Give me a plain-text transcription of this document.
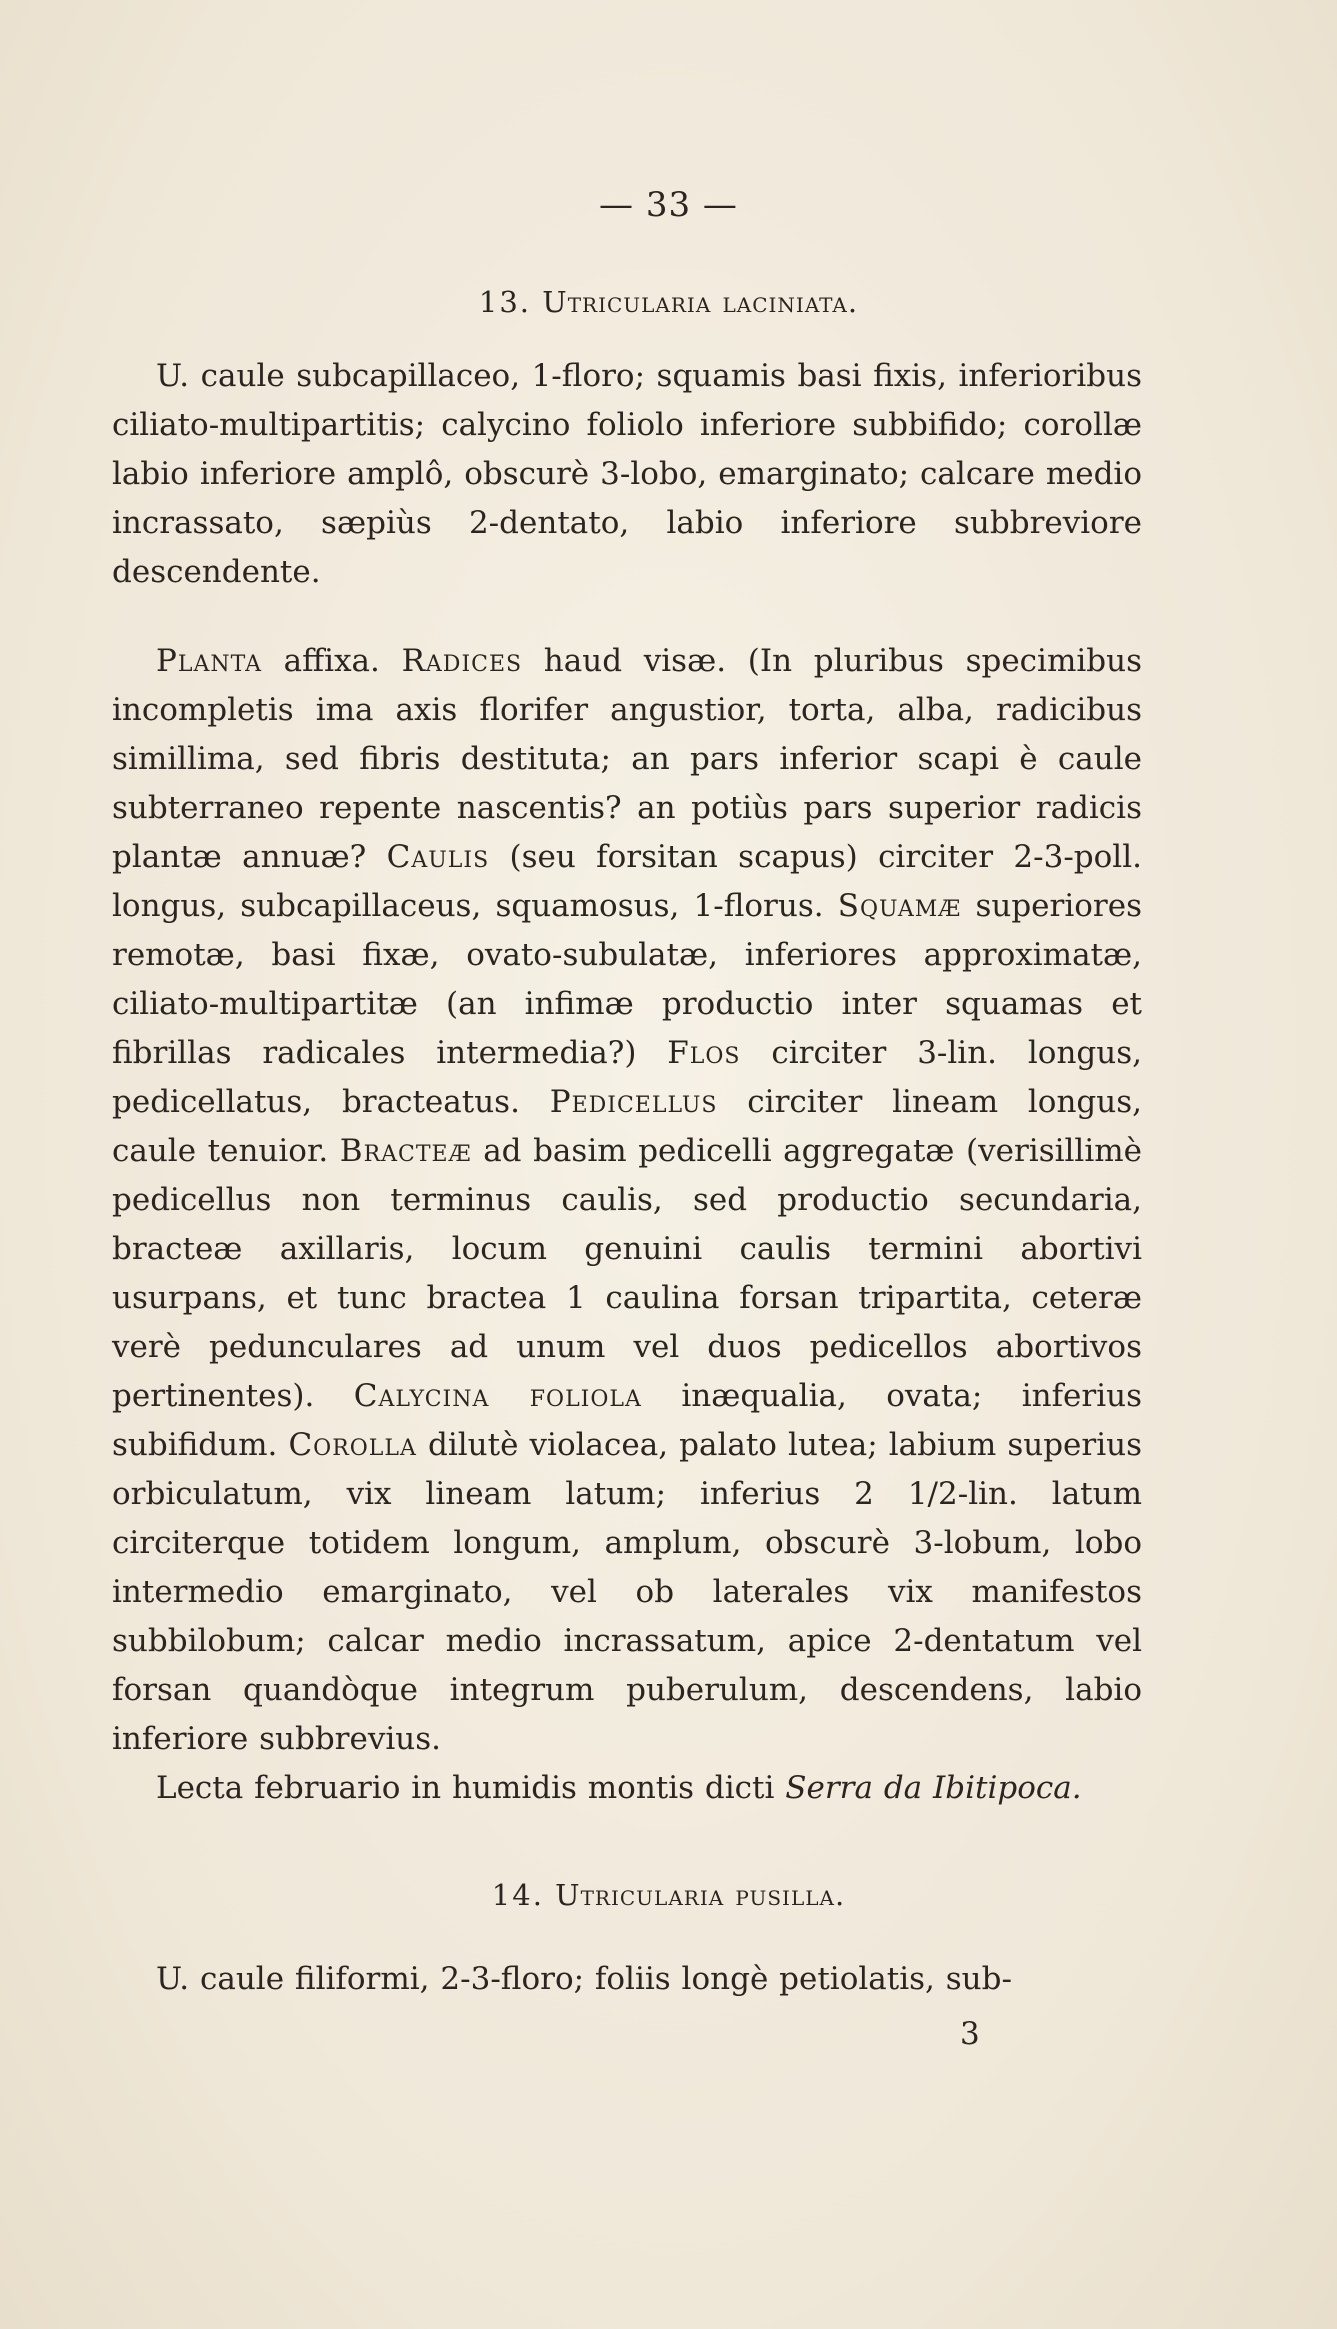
— 33 —
13. Utricularia laciniata.

U. caule subcapillaceo, 1-floro; squamis basi fixis, inferioribus ciliato-multipartitis; calycino foliolo inferiore subbifido; corollæ labio inferiore amplô, obscurè 3-lobo, emarginato; calcare medio incrassato, sæpiùs 2-dentato, labio inferiore subbreviore descendente.

Planta affixa. Radices haud visæ. (In pluribus specimibus incompletis ima axis florifer angustior, torta, alba, radicibus simillima, sed fibris destituta; an pars inferior scapi è caule subterraneo repente nascentis? an potiùs pars superior radicis plantæ annuæ? Caulis (seu forsitan scapus) circiter 2-3-poll. longus, subcapillaceus, squamosus, 1-florus. Squamæ superiores remotæ, basi fixæ, ovato-subulatæ, inferiores approximatæ, ciliato-multipartitæ (an infimæ productio inter squamas et fibrillas radicales intermedia?) Flos circiter 3-lin. longus, pedicellatus, bracteatus. Pedicellus circiter lineam longus, caule tenuior. Bracteæ ad basim pedicelli aggregatæ (verisillimè pedicellus non terminus caulis, sed productio secundaria, bracteæ axillaris, locum genuini caulis termini abortivi usurpans, et tunc bractea 1 caulina forsan tripartita, ceteræ verè pedunculares ad unum vel duos pedicellos abortivos pertinentes). Calycina foliola inæqualia, ovata; inferius subifidum. Corolla dilutè violacea, palato lutea; labium superius orbiculatum, vix lineam latum; inferius 2 1/2-lin. latum circiterque totidem longum, amplum, obscurè 3-lobum, lobo intermedio emarginato, vel ob laterales vix manifestos subbilobum; calcar medio incrassatum, apice 2-dentatum vel forsan quandòque integrum puberulum, descendens, labio inferiore subbrevius.

Lecta februario in humidis montis dicti Serra da Ibitipoca.

14. Utricularia pusilla.

U. caule filiformi, 2-3-floro; foliis longè petiolatis, sub-

3
